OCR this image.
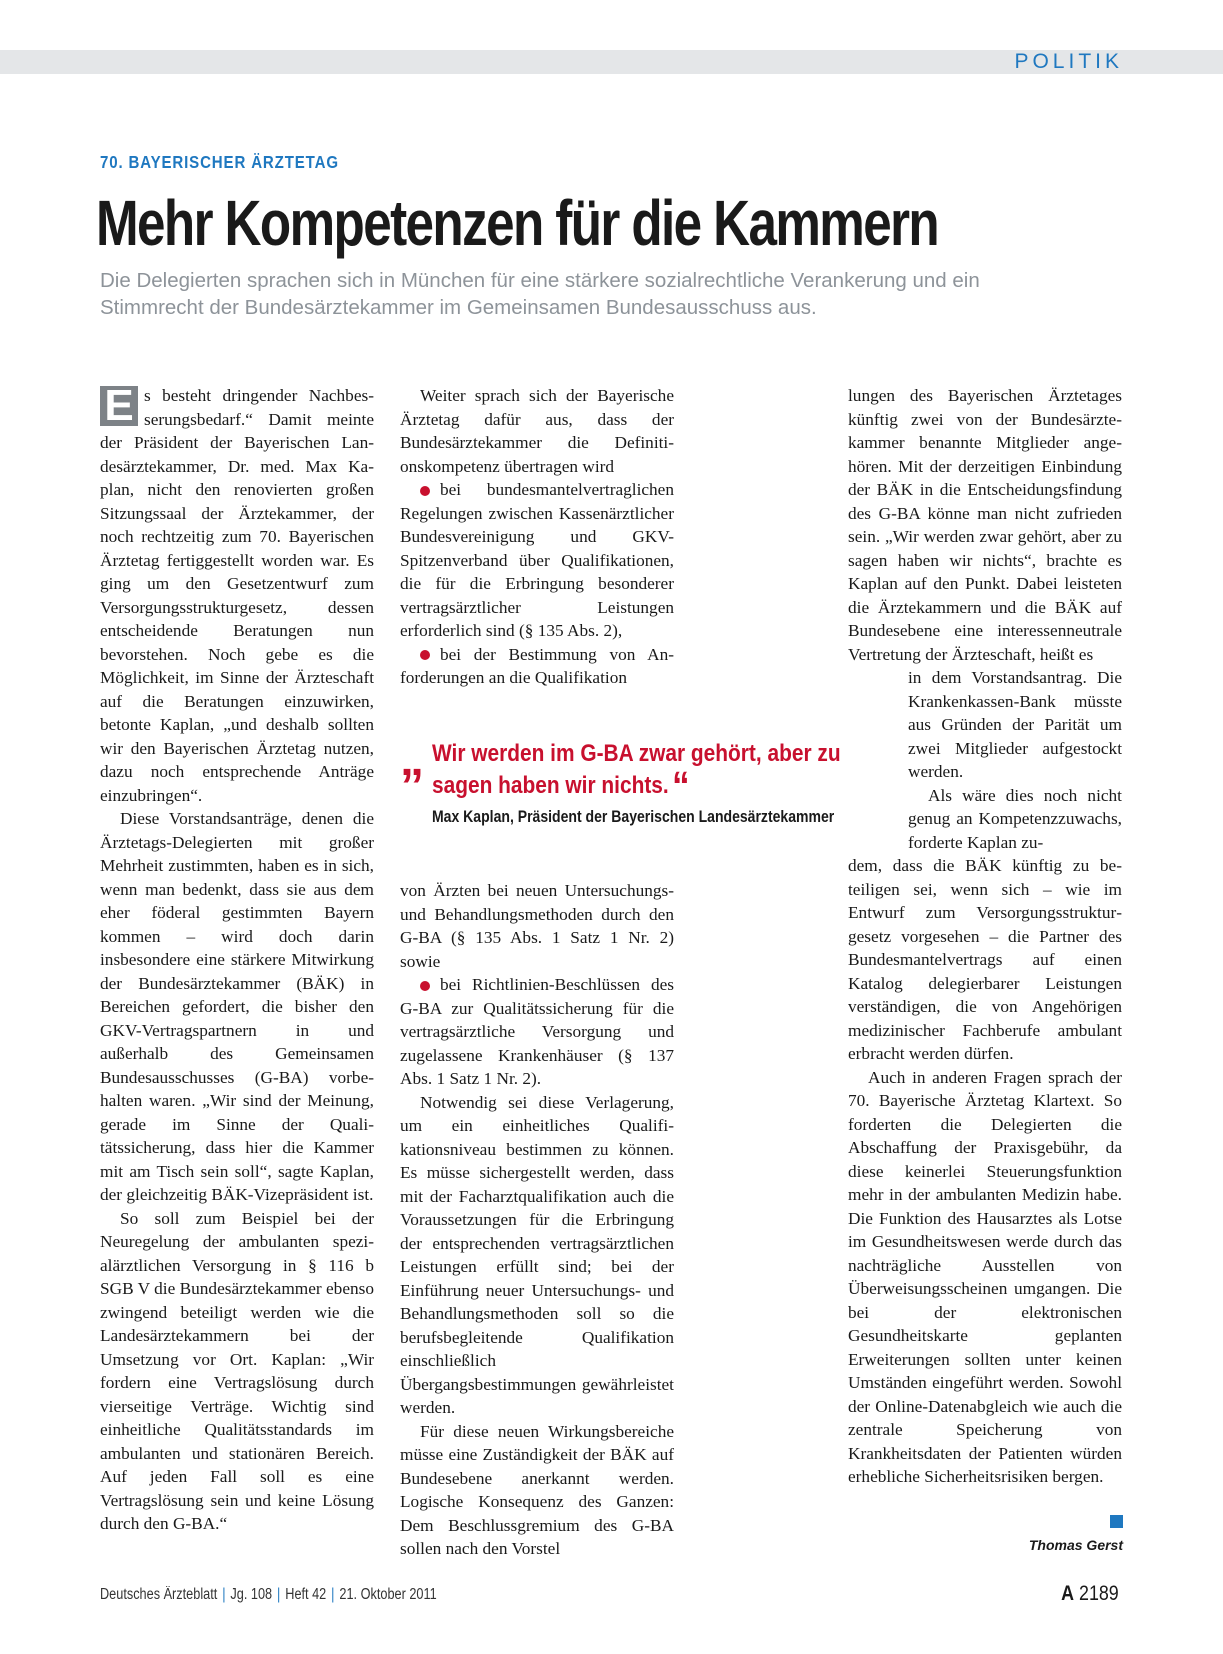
POLITIK
70. BAYERISCHER ÄRZTETAG
Mehr Kompetenzen für die Kammern
Die Delegierten sprachen sich in München für eine stärkere sozialrechtliche Verankerung und ein Stimmrecht der Bundesärztekammer im Gemeinsamen Bundesausschuss aus.

E s besteht dringender Nachbesserungsbedarf.“ Damit meinte der Präsident der Bayerischen Landesärztekammer, Dr. med. Max Kaplan, nicht den renovierten großen Sitzungssaal der Ärztekammer, der noch rechtzeitig zum 70. Bayerischen Ärztetag fertiggestellt worden war. Es ging um den Gesetzentwurf zum Versorgungsstrukturgesetz, dessen entscheidende Beratungen nun bevorstehen. Noch gebe es die Möglichkeit, im Sinne der Ärzteschaft auf die Beratungen einzuwirken, betonte Kaplan, „und deshalb sollten wir den Bayerischen Ärztetag nutzen, dazu noch entsprechende Anträge einzubringen“.

Diese Vorstandsanträge, denen die Ärztetags-Delegierten mit großer Mehrheit zustimmten, haben es in sich, wenn man bedenkt, dass sie aus dem eher föderal gestimmten Bayern kommen – wird doch darin insbesondere eine stärkere Mitwirkung der Bundesärztekammer (BÄK) in Bereichen gefordert, die bisher den GKV-Vertragspartnern in und außerhalb des Gemeinsamen Bundesausschusses (G-BA) vorbehalten waren. „Wir sind der Meinung, gerade im Sinne der Qualitätssicherung, dass hier die Kammer mit am Tisch sein soll“, sagte Kaplan, der gleichzeitig BÄK-Vizepräsident ist.

So soll zum Beispiel bei der Neuregelung der ambulanten spezialärztlichen Versorgung in § 116 b SGB V die Bundesärztekammer ebenso zwingend beteiligt werden wie die Landesärztekammern bei der Umsetzung vor Ort. Kaplan: „Wir fordern eine Vertragslösung durch vierseitige Verträge. Wichtig sind einheitliche Qualitätsstandards im ambulanten und stationären Bereich. Auf jeden Fall soll es eine Vertragslösung sein und keine Lösung durch den G-BA.“

Weiter sprach sich der Bayerische Ärztetag dafür aus, dass der Bundesärztekammer die Definitionskompetenz übertragen wird

bei bundesmantelvertraglichen Regelungen zwischen Kassenärztlicher Bundesvereinigung und GKV-Spitzenverband über Qualifikationen, die für die Erbringung besonderer vertragsärztlicher Leistungen erforderlich sind (§ 135 Abs. 2),

bei der Bestimmung von Anforderungen an die Qualifikation

„ Wir werden im G-BA zwar gehört, aber zu sagen haben wir nichts.“
Max Kaplan, Präsident der Bayerischen Landesärztekammer

von Ärzten bei neuen Untersuchungs- und Behandlungsmethoden durch den G-BA (§ 135 Abs. 1 Satz 1 Nr. 2) sowie

bei Richtlinien-Beschlüssen des G-BA zur Qualitätssicherung für die vertragsärztliche Versorgung und zugelassene Krankenhäuser (§ 137 Abs. 1 Satz 1 Nr. 2).

Notwendig sei diese Verlagerung, um ein einheitliches Qualifikationsniveau bestimmen zu können. Es müsse sichergestellt werden, dass mit der Facharztqualifikation auch die Voraussetzungen für die Erbringung der entsprechenden vertragsärztlichen Leistungen erfüllt sind; bei der Einführung neuer Untersuchungs- und Behandlungsmethoden soll so die berufsbegleitende Qualifikation einschließlich Übergangsbestimmungen gewährleistet werden.

Für diese neuen Wirkungsbereiche müsse eine Zuständigkeit der BÄK auf Bundesebene anerkannt werden. Logische Konsequenz des Ganzen: Dem Beschlussgremium des G-BA sollen nach den Vorstel

lungen des Bayerischen Ärztetages künftig zwei von der Bundesärztekammer benannte Mitglieder angehören. Mit der derzeitigen Einbindung der BÄK in die Entscheidungsfindung des G-BA könne man nicht zufrieden sein. „Wir werden zwar gehört, aber zu sagen haben wir nichts“, brachte es Kaplan auf den Punkt. Dabei leisteten die Ärztekammern und die BÄK auf Bundesebene eine interessenneutrale Vertretung der Ärzteschaft, heißt es

in dem Vorstandsantrag. Die Krankenkassen-Bank müsste aus Gründen der Parität um zwei Mitglieder aufgestockt werden.

Als wäre dies noch nicht genug an Kompetenzzuwachs, forderte Kaplan zu-

dem, dass die BÄK künftig zu beteiligen sei, wenn sich – wie im Entwurf zum Versorgungsstrukturgesetz vorgesehen – die Partner des Bundesmantelvertrags auf einen Katalog delegierbarer Leistungen verständigen, die von Angehörigen medizinischer Fachberufe ambulant erbracht werden dürfen.

Auch in anderen Fragen sprach der 70. Bayerische Ärztetag Klartext. So forderten die Delegierten die Abschaffung der Praxisgebühr, da diese keinerlei Steuerungsfunktion mehr in der ambulanten Medizin habe. Die Funktion des Hausarztes als Lotse im Gesundheitswesen werde durch das nachträgliche Ausstellen von Überweisungsscheinen umgangen. Die bei der elektronischen Gesundheitskarte geplanten Erweiterungen sollten unter keinen Umständen eingeführt werden. Sowohl der Online-Datenabgleich wie auch die zentrale Speicherung von Krankheitsdaten der Patienten würden erhebliche Sicherheitsrisiken bergen.

Thomas Gerst
Deutsches Ärzteblatt | Jg. 108 | Heft 42 | 21. Oktober 2011	A 2189
